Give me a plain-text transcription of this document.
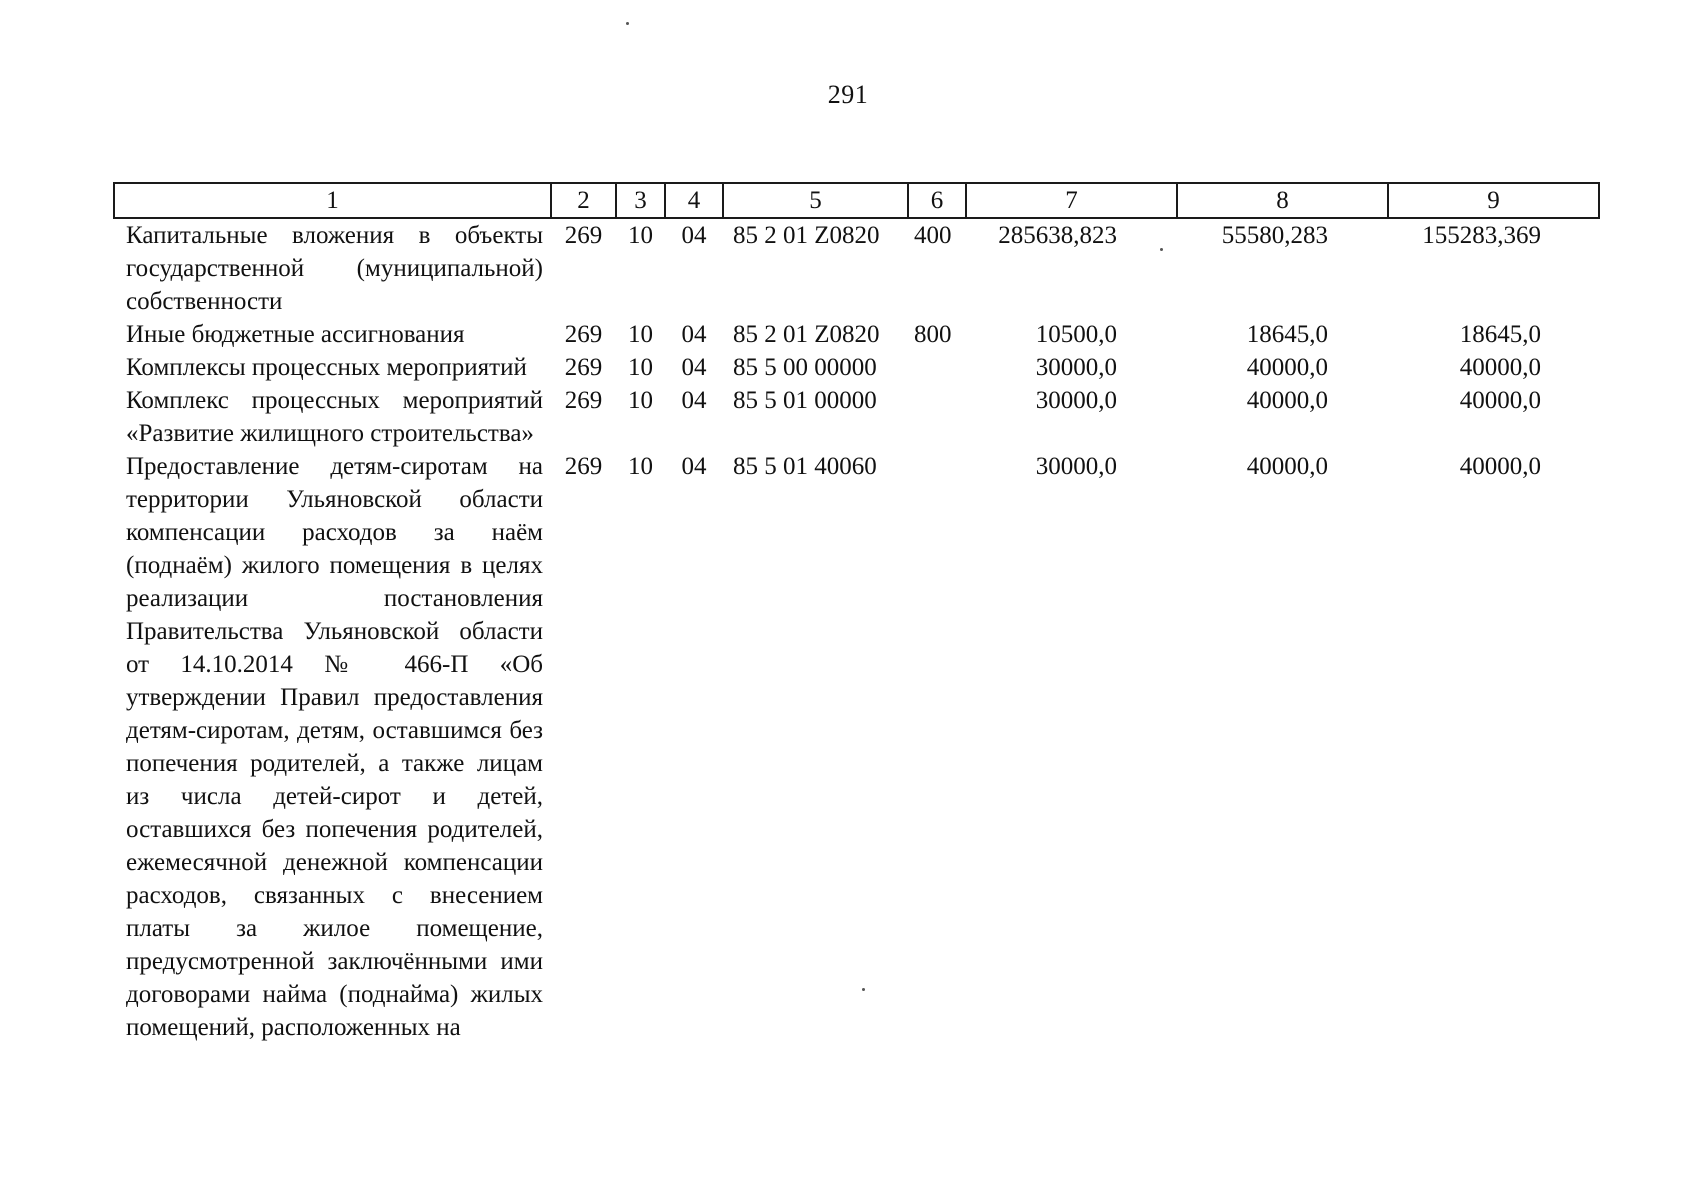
291
1	2	3	4	5	6	7	8	9
Капитальные вложения в объекты государственной (муниципальной) собственности	269	10	04	85 2 01 Z0820	400	285638,823	55580,283	155283,369
Иные бюджетные ассигнования	269	10	04	85 2 01 Z0820	800	10500,0	18645,0	18645,0
Комплексы процессных мероприятий	269	10	04	85 5 00 00000		30000,0	40000,0	40000,0
Комплекс процессных мероприятий «Развитие жилищного строительства»	269	10	04	85 5 01 00000		30000,0	40000,0	40000,0
Предоставление детям-сиротам на территории Ульяновской области компенсации расходов за наём (поднаём) жилого помещения в целях реализации постановления Правительства Ульяновской области от 14.10.2014 № 466-П «Об утверждении Правил предоставления детям-сиротам, детям, оставшимся без попечения родителей, а также лицам из числа детей-сирот и детей, оставшихся без попечения родителей, ежемесячной денежной компенсации расходов, связанных с внесением платы за жилое помещение, предусмотренной заключёнными ими договорами найма (поднайма) жилых помещений, расположенных на	269	10	04	85 5 01 40060		30000,0	40000,0	40000,0
